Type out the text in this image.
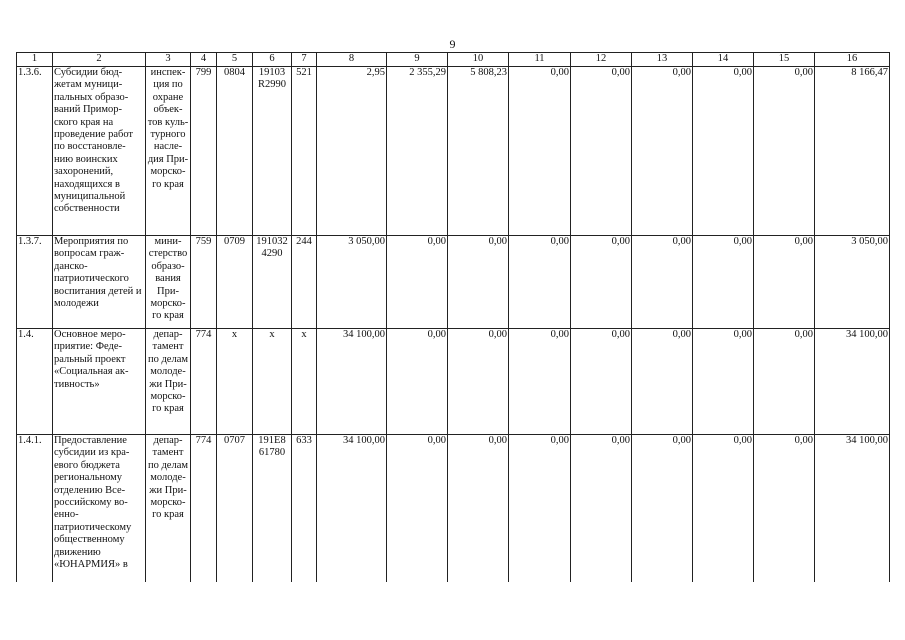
9
1	2	3	4	5	6	7	8	9	10	11	12	13	14	15	16
1.3.6.	Субсидии бюд-жетам муници-пальных образо-ваний Примор-ского края на проведение работ по восстановле-нию воинских захоронений, находящихся в муниципальной собственности	инспек-ция по охране объек-тов куль-турного насле-дия При-морско-го края	799	0804	19103 R2990	521	2,95	2 355,29	5 808,23	0,00	0,00	0,00	0,00	0,00	8 166,47
1.3.7.	Мероприятия по вопросам граж-данско-патриотического воспитания детей и молодежи	мини-стерство образо-вания При-морско-го края	759	0709	191032 4290	244	3 050,00	0,00	0,00	0,00	0,00	0,00	0,00	0,00	3 050,00
1.4.	Основное меро-приятие: Феде-ральный проект «Социальная ак-тивность»	депар-тамент по делам молоде-жи При-морско-го края	774	x	x	x	34 100,00	0,00	0,00	0,00	0,00	0,00	0,00	0,00	34 100,00
1.4.1.	Предоставление субсидии из кра-евого бюджета региональному отделению Все-российскому во-енно-патриотическому общественному движению «ЮНАРМИЯ» в	депар-тамент по делам молоде-жи При-морско-го края	774	0707	191E8 61780	633	34 100,00	0,00	0,00	0,00	0,00	0,00	0,00	0,00	34 100,00
